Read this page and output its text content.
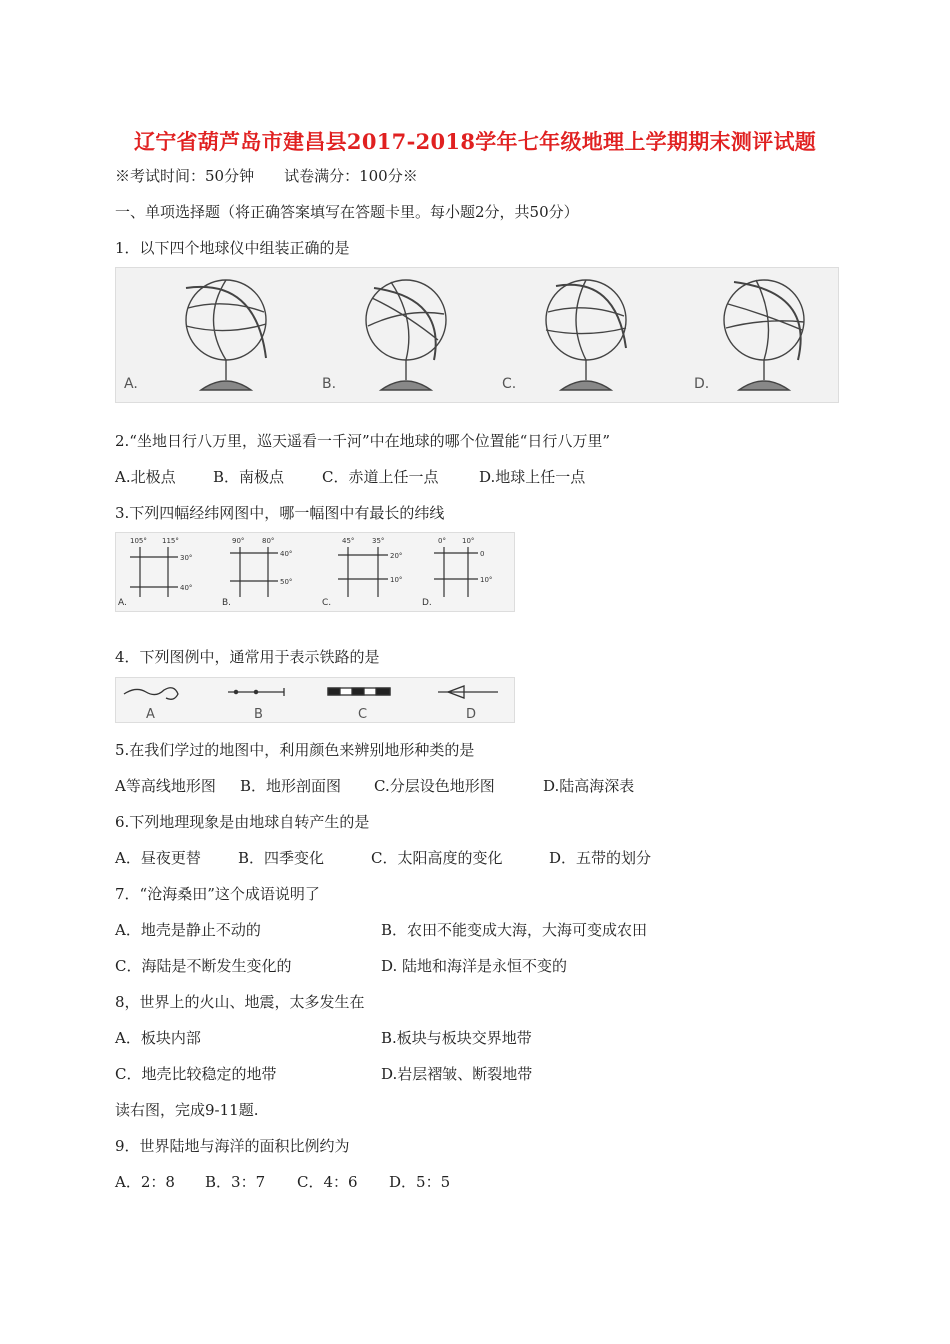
辽宁省葫芦岛市建昌县2017-2018学年七年级地理上学期期末测评试题
※考试时间：50分钟　　试卷满分：100分※
一、单项选择题（将正确答案填写在答题卡里。每小题2分，共50分）
1．以下四个地球仪中组装正确的是
A.	B.	C.	D.
2.“坐地日行八万里，巡天遥看一千河”中在地球的哪个位置能“日行八万里”
A.北极点 B．南极点	C．赤道上任一点	D.地球上任一点
3.下列四幅经纬网图中，哪一幅图中有最长的纬线
105° 115°
30°
40°
A.
90°	80°
40°
50°
B.
45°	35°
20°
10°
C.
0° 10°
0
10°
D.
4．下列图例中，通常用于表示铁路的是
A	B	C	D
5.在我们学过的地图中，利用颜色来辨别地形种类的是
A等高线地形图 B．地形剖面图 C.分层设色地形图	D.陆高海深表
6.下列地理现象是由地球自转产生的是
A．昼夜更替 B．四季变化	C．太阳高度的变化	D．五带的划分
7．“沧海桑田”这个成语说明了
A．地壳是静止不动的	B．农田不能变成大海，大海可变成农田
C．海陆是不断发生变化的	D. 陆地和海洋是永恒不变的
8，世界上的火山、地震，太多发生在
A．板块内部	B.板块与板块交界地带
C．地壳比较稳定的地带	D.岩层褶皱、断裂地带
读右图，完成9-11题.
9．世界陆地与海洋的面积比例约为
A．2：8 B．3：7 C．4：6 D．5：5
